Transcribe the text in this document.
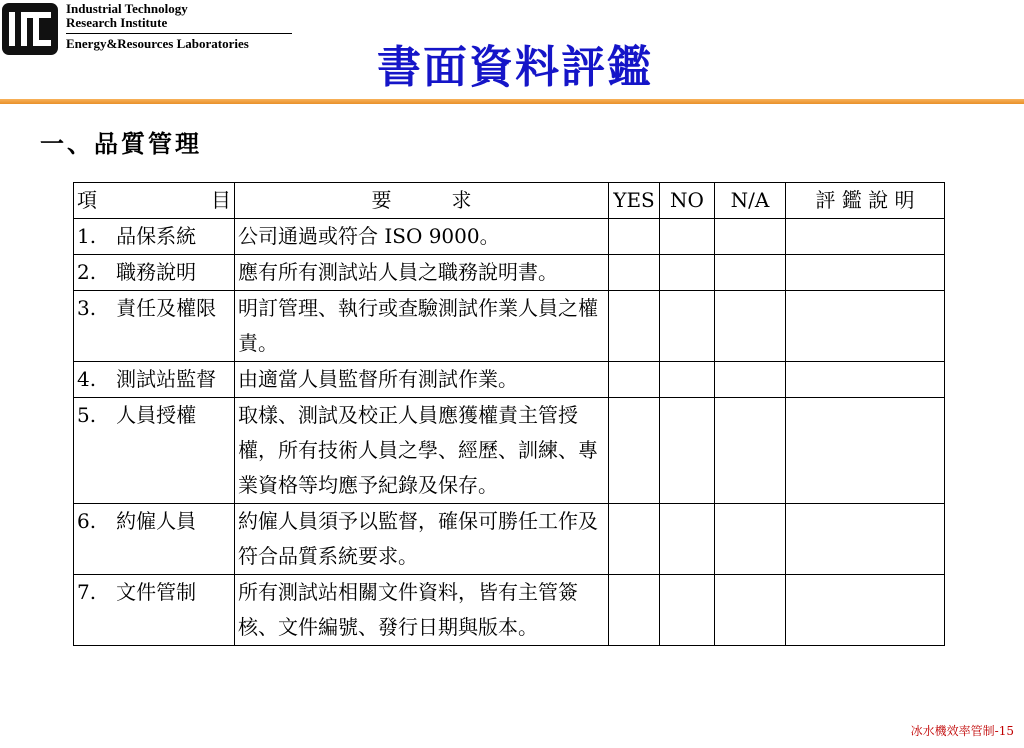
Industrial Technology
Research Institute
Energy&Resources Laboratories	書面資料評鑑
一、品質管理
項　　　目	要　　　求	YES	NO	N/A	評 鑑 說 明
1.　品保系統	公司通過或符合 ISO 9000。				
2.　職務說明	應有所有測試站人員之職務說明書。				
3.　責任及權限	明訂管理、執行或查驗測試作業人員之權責。				
4.　測試站監督	由適當人員監督所有測試作業。				
5.　人員授權	取樣、測試及校正人員應獲權責主管授權，所有技術人員之學、經歷、訓練、專業資格等均應予紀錄及保存。				
6.　約僱人員	約僱人員須予以監督，確保可勝任工作及符合品質系統要求。				
7.　文件管制	所有測試站相關文件資料，皆有主管簽核、文件編號、發行日期與版本。				
冰水機效率管制-15
